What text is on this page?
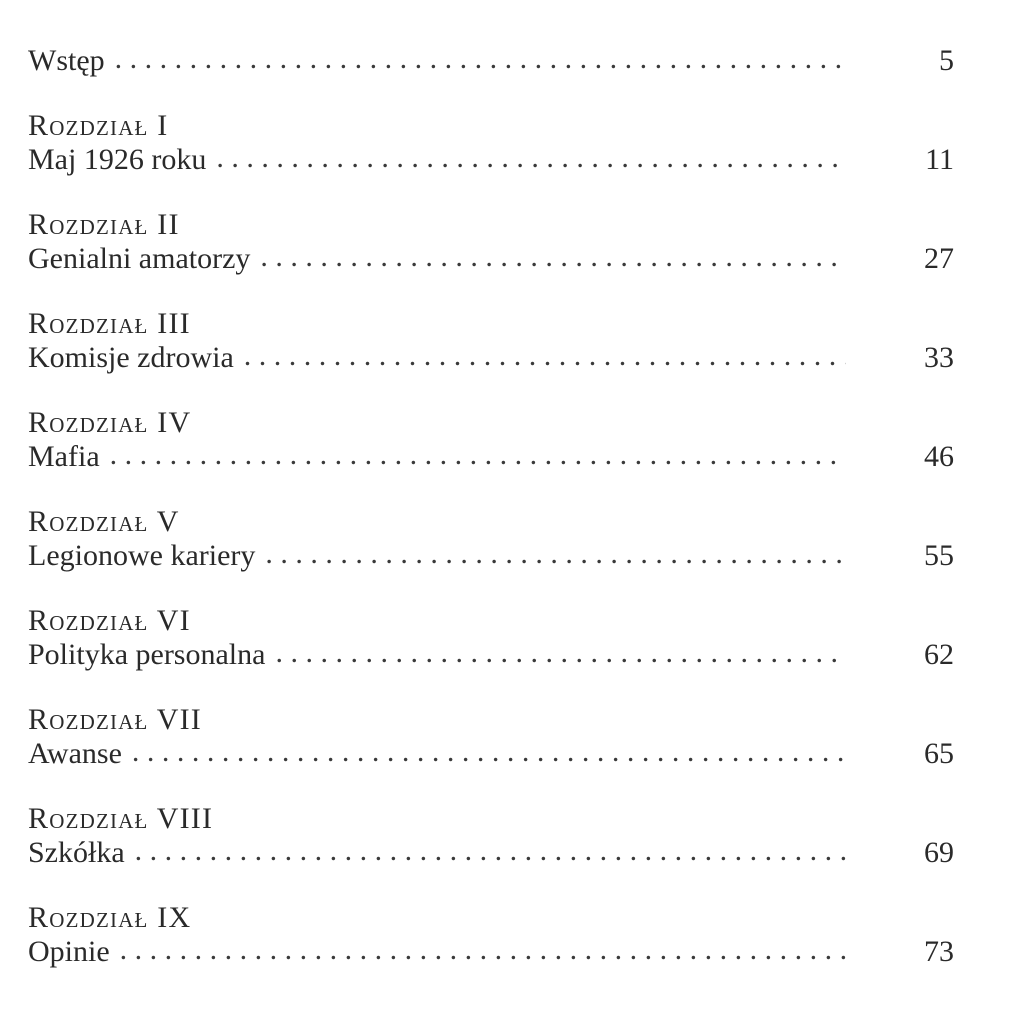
Wstęp . . .	5
Rozdział I
Maj 1926 roku . . .	11
Rozdział II
Genialni amatorzy . . .	27
Rozdział III
Komisje zdrowia . . .	33
Rozdział IV
Mafia . . .	46
Rozdział V
Legionowe kariery . . .	55
Rozdział VI
Polityka personalna . . .	62
Rozdział VII
Awanse . . .	65
Rozdział VIII
Szkółka . . .	69
Rozdział IX
Opinie . . .	73
